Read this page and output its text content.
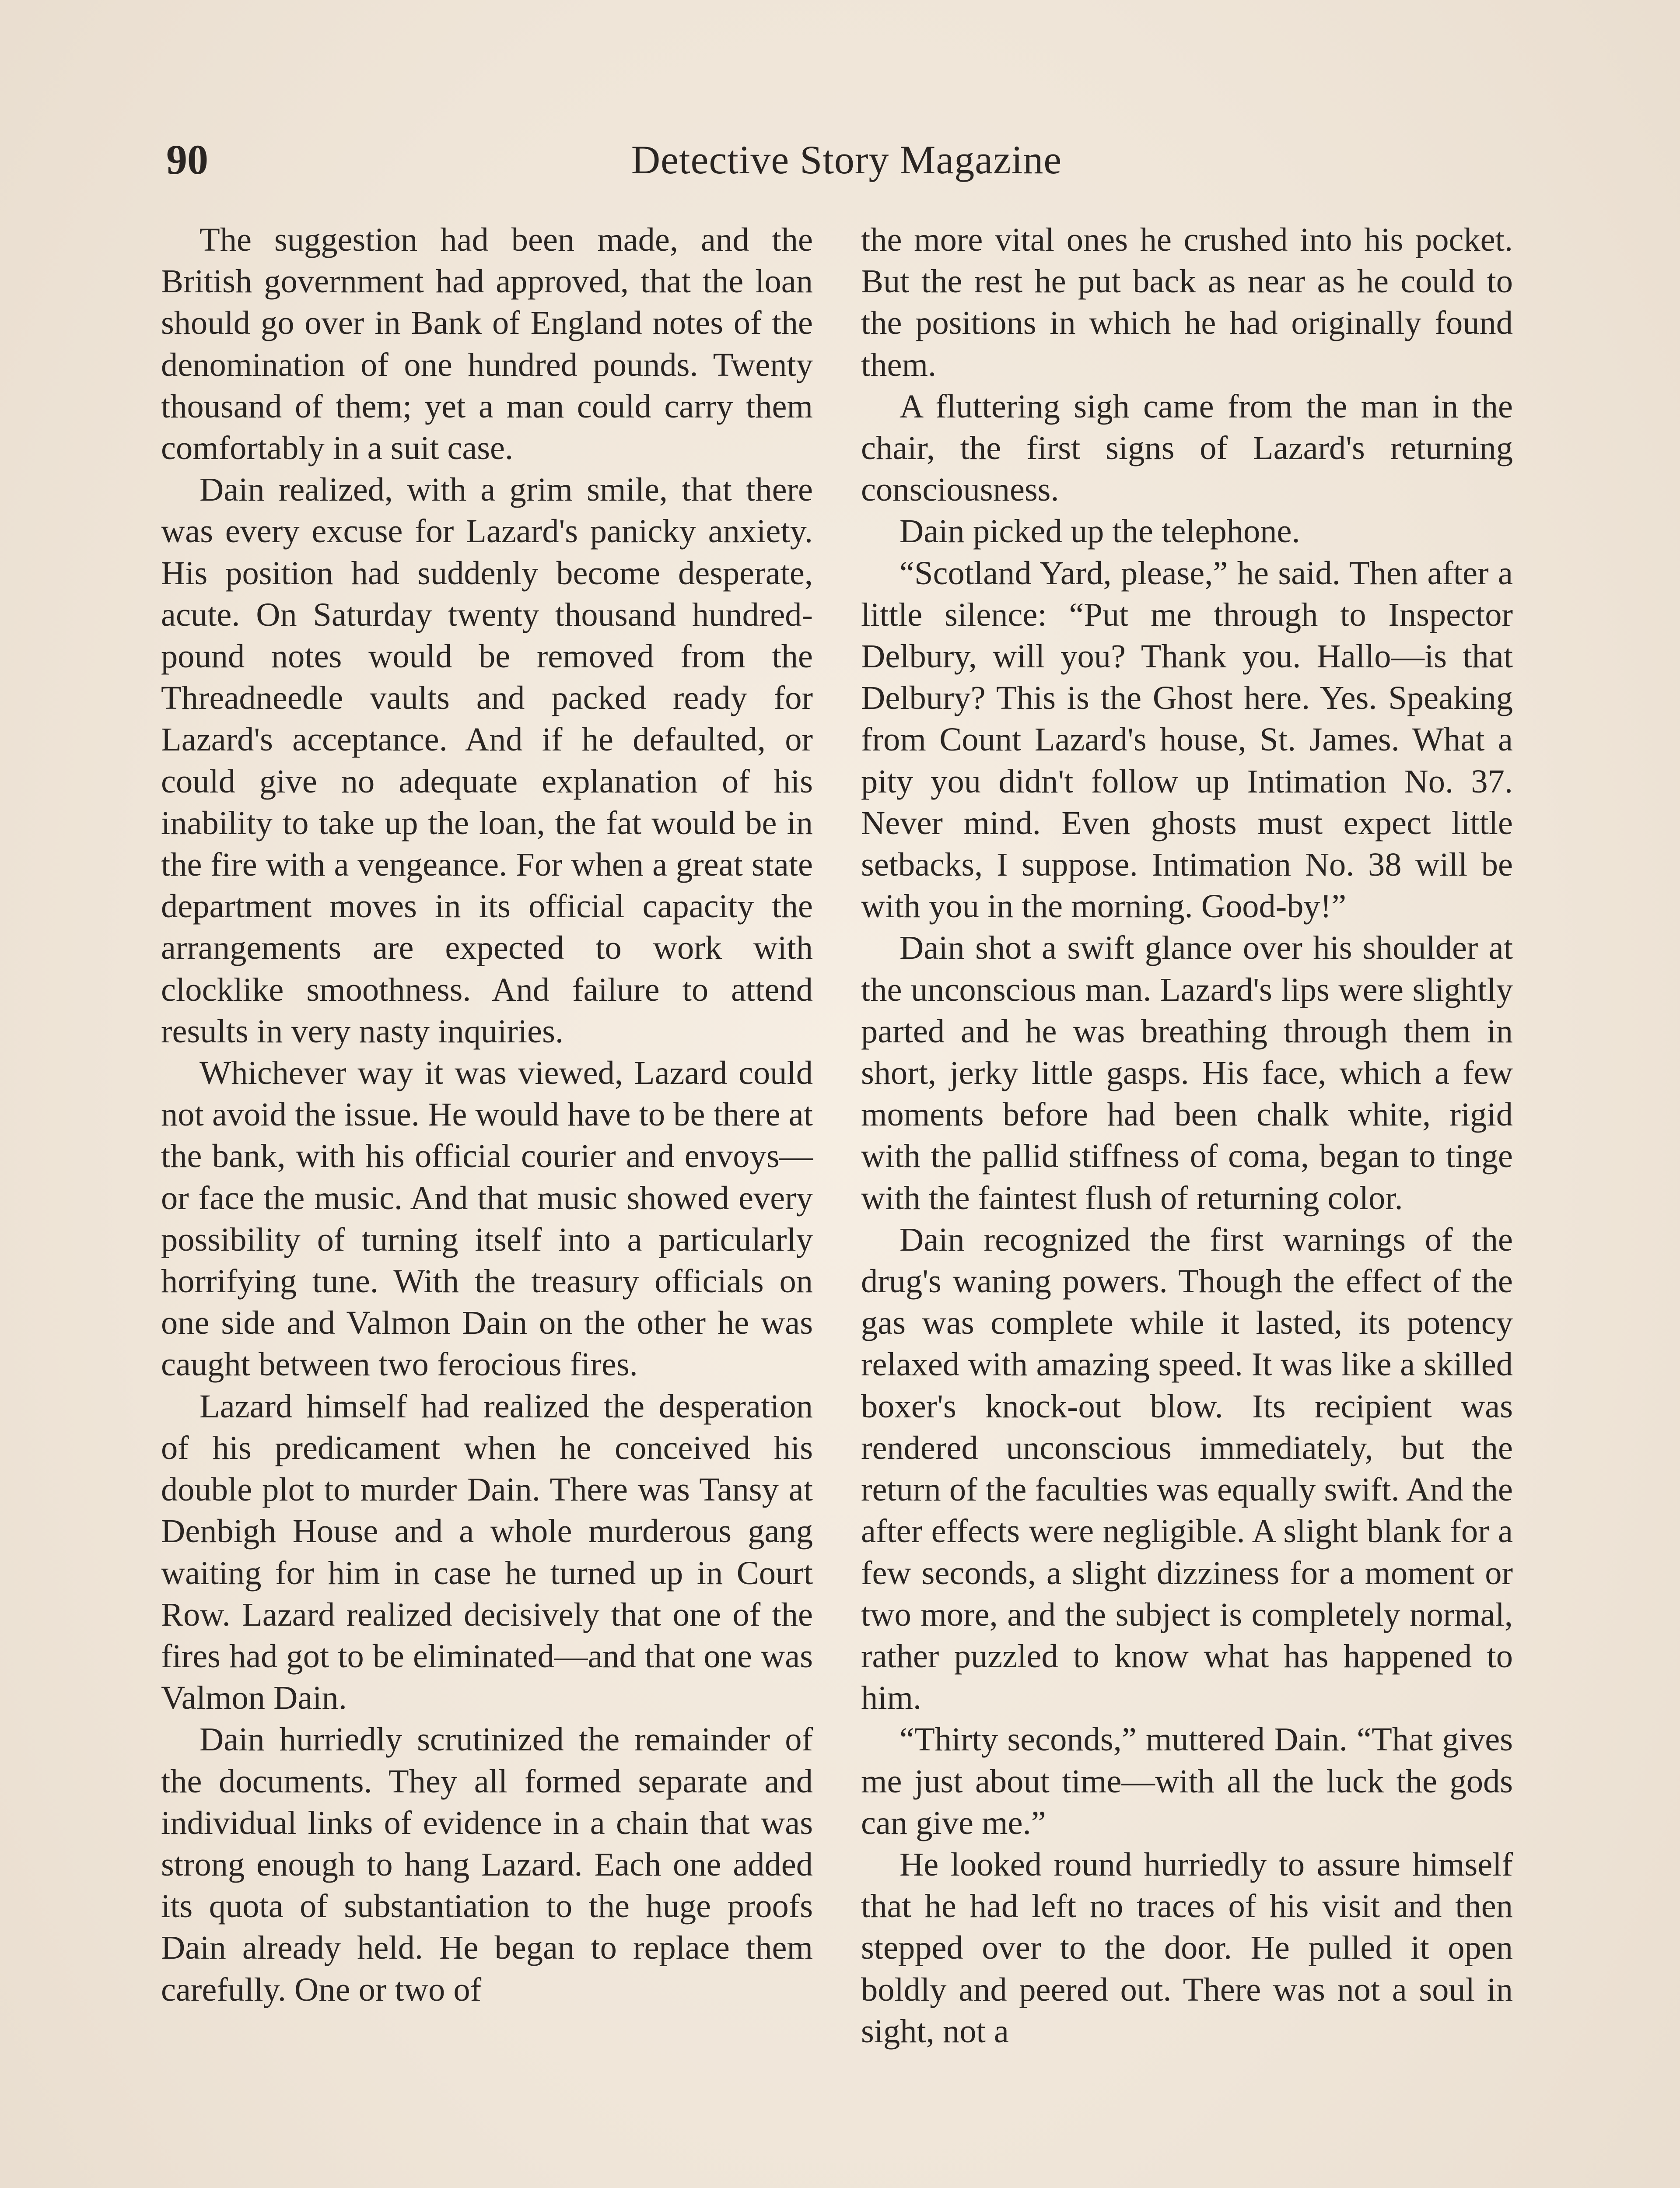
90	Detective Story Magazine

The suggestion had been made, and the British government had approved, that the loan should go over in Bank of England notes of the denomination of one hundred pounds. Twenty thousand of them; yet a man could carry them comfortably in a suit case.

Dain realized, with a grim smile, that there was every excuse for Lazard's panicky anxiety. His position had suddenly become desperate, acute. On Saturday twenty thousand hundred-pound notes would be removed from the Threadneedle vaults and packed ready for Lazard's acceptance. And if he defaulted, or could give no adequate explanation of his inability to take up the loan, the fat would be in the fire with a vengeance. For when a great state department moves in its official capacity the arrangements are expected to work with clocklike smoothness. And failure to attend results in very nasty inquiries.

Whichever way it was viewed, Lazard could not avoid the issue. He would have to be there at the bank, with his official courier and envoys—or face the music. And that music showed every possibility of turning itself into a particularly horrifying tune. With the treasury officials on one side and Valmon Dain on the other he was caught between two ferocious fires.

Lazard himself had realized the desperation of his predicament when he conceived his double plot to murder Dain. There was Tansy at Denbigh House and a whole murderous gang waiting for him in case he turned up in Court Row. Lazard realized decisively that one of the fires had got to be eliminated—and that one was Valmon Dain.

Dain hurriedly scrutinized the remainder of the documents. They all formed separate and individual links of evidence in a chain that was strong enough to hang Lazard. Each one added its quota of substantiation to the huge proofs Dain already held. He began to replace them carefully. One or two of

the more vital ones he crushed into his pocket. But the rest he put back as near as he could to the positions in which he had originally found them.

A fluttering sigh came from the man in the chair, the first signs of Lazard's returning consciousness.

Dain picked up the telephone.

“Scotland Yard, please,” he said. Then after a little silence: “Put me through to Inspector Delbury, will you? Thank you. Hallo—is that Delbury? This is the Ghost here. Yes. Speaking from Count Lazard's house, St. James. What a pity you didn't follow up Intimation No. 37. Never mind. Even ghosts must expect little setbacks, I suppose. Intimation No. 38 will be with you in the morning. Good-by!”

Dain shot a swift glance over his shoulder at the unconscious man. Lazard's lips were slightly parted and he was breathing through them in short, jerky little gasps. His face, which a few moments before had been chalk white, rigid with the pallid stiffness of coma, began to tinge with the faintest flush of returning color.

Dain recognized the first warnings of the drug's waning powers. Though the effect of the gas was complete while it lasted, its potency relaxed with amazing speed. It was like a skilled boxer's knock-out blow. Its recipient was rendered unconscious immediately, but the return of the faculties was equally swift. And the after effects were negligible. A slight blank for a few seconds, a slight dizziness for a moment or two more, and the subject is completely normal, rather puzzled to know what has happened to him.

“Thirty seconds,” muttered Dain. “That gives me just about time—with all the luck the gods can give me.”

He looked round hurriedly to assure himself that he had left no traces of his visit and then stepped over to the door. He pulled it open boldly and peered out. There was not a soul in sight, not a
